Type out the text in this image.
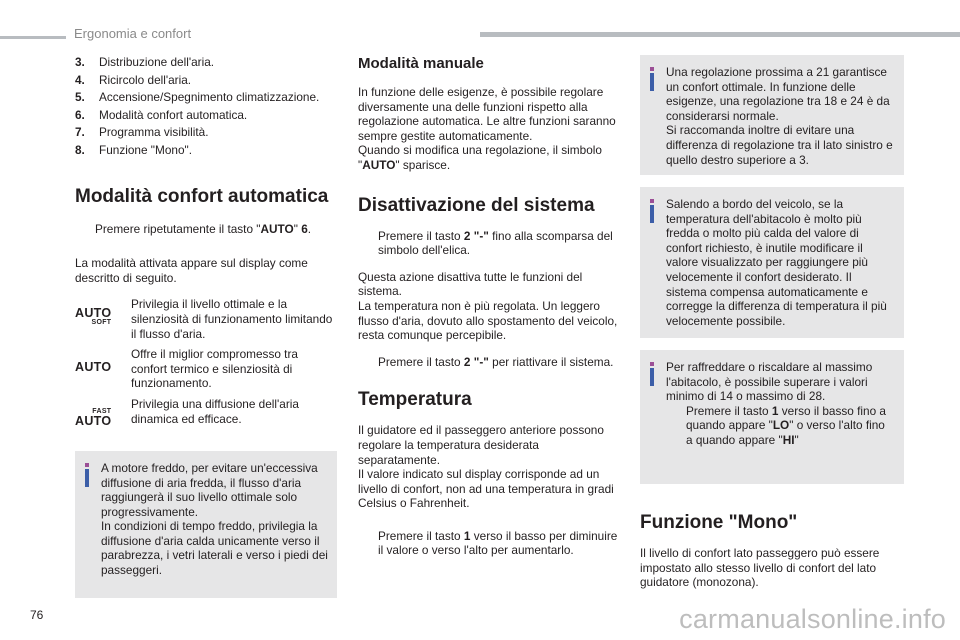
Ergonomia e confort
3.	Distribuzione dell'aria.
4.	Ricircolo dell'aria.
5.	Accensione/Spegnimento climatizzazione.
6.	Modalità confort automatica.
7.	Programma visibilità.
8.	Funzione "Mono".
Modalità confort automatica

Premere ripetutamente il tasto "AUTO" 6.

La modalità attivata appare sul display come descritto di seguito.

AUTO
SOFT

Privilegia il livello ottimale e la silenziosità di funzionamento limitando il flusso d'aria.

AUTO

Offre il miglior compromesso tra confort termico e silenziosità di funzionamento.

FAST
AUTO

Privilegia una diffusione dell'aria dinamica ed efficace.

A motore freddo, per evitare un'eccessiva diffusione di aria fredda, il flusso d'aria raggiungerà il suo livello ottimale solo progressivamente.
In condizioni di tempo freddo, privilegia la diffusione d'aria calda unicamente verso il parabrezza, i vetri laterali e verso i piedi dei passeggeri.

Modalità manuale

In funzione delle esigenze, è possibile regolare diversamente una delle funzioni rispetto alla regolazione automatica. Le altre funzioni saranno sempre gestite automaticamente.
Quando si modifica una regolazione, il simbolo "AUTO" sparisce.

Disattivazione del sistema

Premere il tasto 2 "-" fino alla scomparsa del simbolo dell'elica.

Questa azione disattiva tutte le funzioni del sistema.
La temperatura non è più regolata. Un leggero flusso d'aria, dovuto allo spostamento del veicolo, resta comunque percepibile.

Premere il tasto 2 "-" per riattivare il sistema.

Temperatura

Il guidatore ed il passeggero anteriore possono regolare la temperatura desiderata separatamente.
Il valore indicato sul display corrisponde ad un livello di confort, non ad una temperatura in gradi Celsius o Fahrenheit.

Premere il tasto 1 verso il basso per diminuire il valore o verso l'alto per aumentarlo.

Una regolazione prossima a 21 garantisce un confort ottimale. In funzione delle esigenze, una regolazione tra 18 e 24 è da considerarsi normale.
Si raccomanda inoltre di evitare una differenza di regolazione tra il lato sinistro e quello destro superiore a 3.

Salendo a bordo del veicolo, se la temperatura dell'abitacolo è molto più fredda o molto più calda del valore di confort richiesto, è inutile modificare il valore visualizzato per raggiungere più velocemente il confort desiderato. Il sistema compensa automaticamente e corregge la differenza di temperatura il più velocemente possibile.

Per raffreddare o riscaldare al massimo l'abitacolo, è possibile superare i valori minimo di 14 o massimo di 28.

Premere il tasto 1 verso il basso fino a quando appare "LO" o verso l'alto fino a quando appare "HI"

Funzione "Mono"

Il livello di confort lato passeggero può essere impostato allo stesso livello di confort del lato guidatore (monozona).

76	carmanualsonline.info
